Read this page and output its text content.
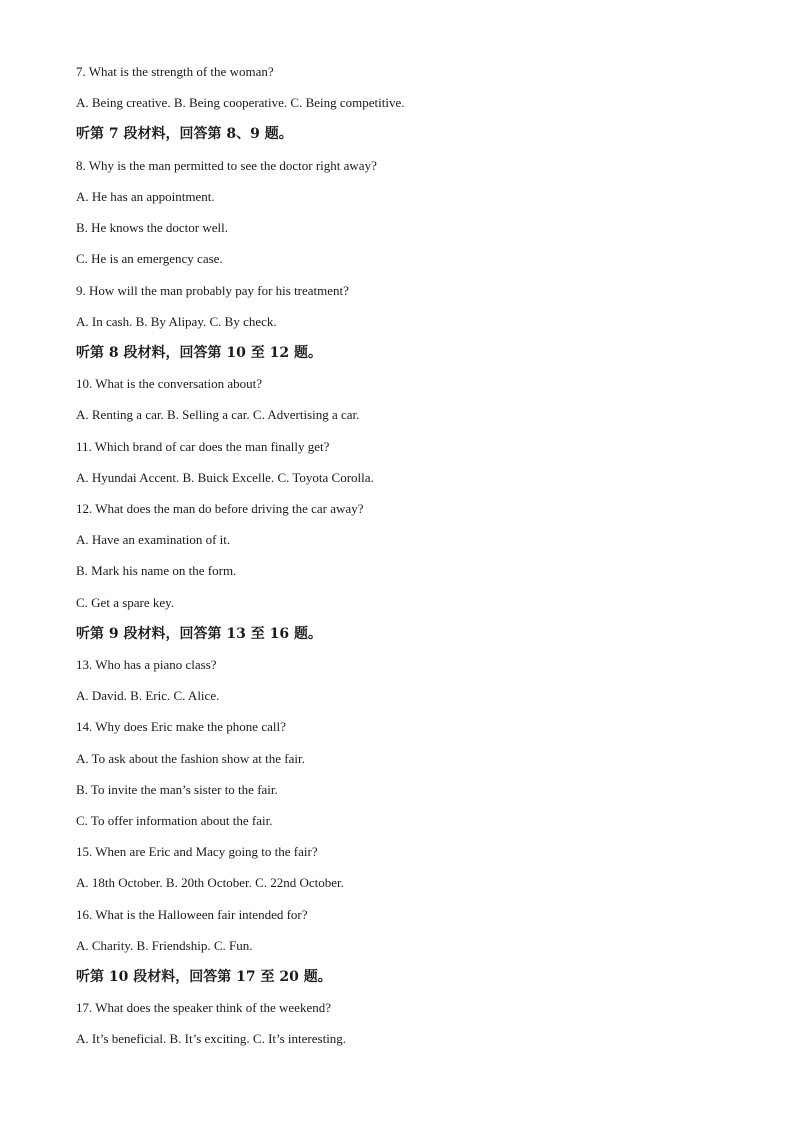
7. What is the strength of the woman?
A. Being creative. B. Being cooperative. C. Being competitive.
听第 7 段材料，回答第 8、9 题。
8. Why is the man permitted to see the doctor right away?
A. He has an appointment.
B. He knows the doctor well.
C. He is an emergency case.
9. How will the man probably pay for his treatment?
A. In cash. B. By Alipay. C. By check.
听第 8 段材料，回答第 10 至 12 题。
10. What is the conversation about?
A. Renting a car. B. Selling a car. C. Advertising a car.
11. Which brand of car does the man finally get?
A. Hyundai Accent. B. Buick Excelle. C. Toyota Corolla.
12. What does the man do before driving the car away?
A. Have an examination of it.
B. Mark his name on the form.
C. Get a spare key.
听第 9 段材料，回答第 13 至 16 题。
13. Who has a piano class?
A. David. B. Eric. C. Alice.
14. Why does Eric make the phone call?
A. To ask about the fashion show at the fair.
B. To invite the man’s sister to the fair.
C. To offer information about the fair.
15. When are Eric and Macy going to the fair?
A. 18th October. B. 20th October. C. 22nd October.
16. What is the Halloween fair intended for?
A. Charity. B. Friendship. C. Fun.
听第 10 段材料，回答第 17 至 20 题。
17. What does the speaker think of the weekend?
A. It’s beneficial. B. It’s exciting. C. It’s interesting.
